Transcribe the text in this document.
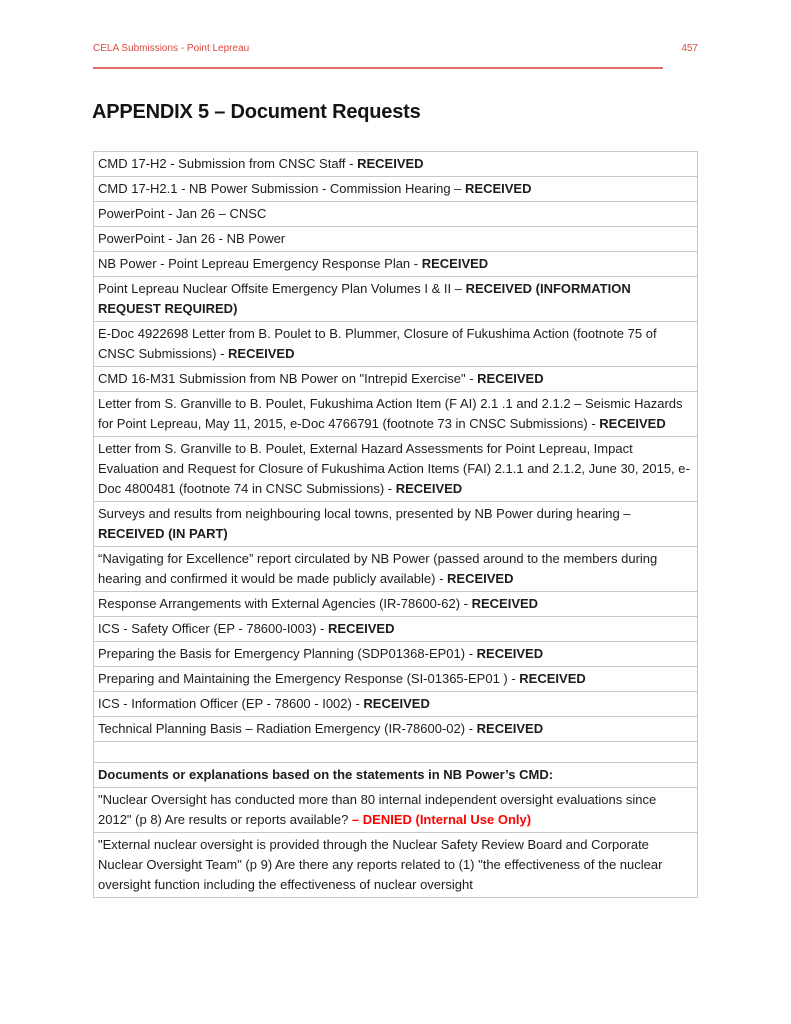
CELA Submissions - Point Lepreau	457
APPENDIX 5 – Document Requests
CMD 17-H2 - Submission from CNSC Staff - RECEIVED
CMD 17-H2.1 - NB Power Submission - Commission Hearing – RECEIVED
PowerPoint - Jan 26 – CNSC
PowerPoint - Jan 26 - NB Power
NB Power - Point Lepreau Emergency Response Plan - RECEIVED
Point Lepreau Nuclear Offsite Emergency Plan Volumes I & II – RECEIVED (INFORMATION REQUEST REQUIRED)
E-Doc 4922698 Letter from B. Poulet to B. Plummer, Closure of Fukushima Action (footnote 75 of CNSC Submissions) - RECEIVED
CMD 16-M31 Submission from NB Power on "Intrepid Exercise" - RECEIVED
Letter from S. Granville to B. Poulet, Fukushima Action Item (F AI) 2.1 .1 and 2.1.2 – Seismic Hazards for Point Lepreau, May 11, 2015, e-Doc 4766791 (footnote 73 in CNSC Submissions) - RECEIVED
Letter from S. Granville to B. Poulet, External Hazard Assessments for Point Lepreau, Impact Evaluation and Request for Closure of Fukushima Action Items (FAI) 2.1.1 and 2.1.2, June 30, 2015, e-Doc 4800481 (footnote 74 in CNSC Submissions) - RECEIVED
Surveys and results from neighbouring local towns, presented by NB Power during hearing – RECEIVED (IN PART)
“Navigating for Excellence” report circulated by NB Power (passed around to the members during hearing and confirmed it would be made publicly available) - RECEIVED
Response Arrangements with External Agencies (IR-78600-62) - RECEIVED
ICS - Safety Officer (EP - 78600-I003) - RECEIVED
Preparing the Basis for Emergency Planning (SDP01368-EP01) - RECEIVED
Preparing and Maintaining the Emergency Response (SI-01365-EP01 ) - RECEIVED
ICS - Information Officer (EP - 78600 - I002) - RECEIVED
Technical Planning Basis – Radiation Emergency (IR-78600-02) - RECEIVED
Documents or explanations based on the statements in NB Power’s CMD:
"Nuclear Oversight has conducted more than 80 internal independent oversight evaluations since 2012" (p 8) Are results or reports available? – DENIED (Internal Use Only)
"External nuclear oversight is provided through the Nuclear Safety Review Board and Corporate Nuclear Oversight Team" (p 9) Are there any reports related to (1) "the effectiveness of the nuclear oversight function including the effectiveness of nuclear oversight
